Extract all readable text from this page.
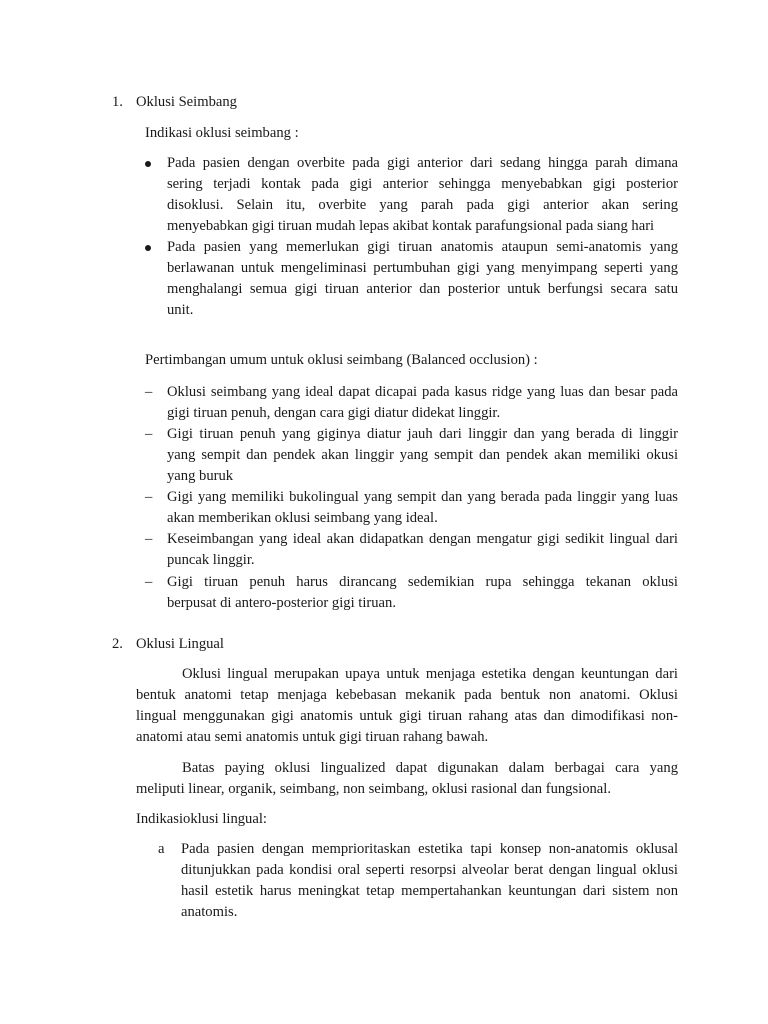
1. Oklusi Seimbang
Indikasi oklusi seimbang :
Pada pasien dengan overbite pada gigi anterior dari sedang hingga parah dimana
sering terjadi kontak pada gigi anterior sehingga menyebabkan gigi posterior
disoklusi. Selain itu, overbite yang parah pada gigi anterior akan sering
menyebabkan gigi tiruan mudah lepas akibat kontak parafungsional pada siang hari
Pada pasien yang memerlukan gigi tiruan anatomis ataupun semi-anatomis yang
berlawanan untuk mengeliminasi pertumbuhan gigi yang menyimpang seperti yang
menghalangi semua gigi tiruan anterior dan posterior untuk berfungsi secara satu
unit.
Pertimbangan umum untuk oklusi seimbang (Balanced occlusion) :
– Oklusi seimbang yang ideal dapat dicapai pada kasus ridge yang luas dan besar pada
gigi tiruan penuh, dengan cara gigi diatur didekat linggir.
– Gigi tiruan penuh yang giginya diatur jauh dari linggir dan yang berada di linggir
yang sempit dan pendek akan linggir yang sempit dan pendek akan memiliki okusi
yang buruk
– Gigi yang memiliki bukolingual yang sempit dan yang berada pada linggir yang luas
akan memberikan oklusi seimbang yang ideal.
– Keseimbangan yang ideal akan didapatkan dengan mengatur gigi sedikit lingual dari
puncak linggir.
– Gigi tiruan penuh harus dirancang sedemikian rupa sehingga tekanan oklusi
berpusat di antero-posterior gigi tiruan.
2. Oklusi Lingual
Oklusi lingual merupakan upaya untuk menjaga estetika dengan keuntungan dari
bentuk anatomi tetap menjaga kebebasan mekanik pada bentuk non anatomi. Oklusi
lingual menggunakan gigi anatomis untuk gigi tiruan rahang atas dan dimodifikasi non-
anatomi atau semi anatomis untuk gigi tiruan rahang bawah.
Batas paying oklusi lingualized dapat digunakan dalam berbagai cara yang
meliputi linear, organik, seimbang, non seimbang, oklusi rasional dan fungsional.
Indikasioklusi lingual:
a Pada pasien dengan memprioritaskan estetika tapi konsep non-anatomis oklusal
ditunjukkan pada kondisi oral seperti resorpsi alveolar berat dengan lingual oklusi
hasil estetik harus meningkat tetap mempertahankan keuntungan dari sistem non
anatomis.
